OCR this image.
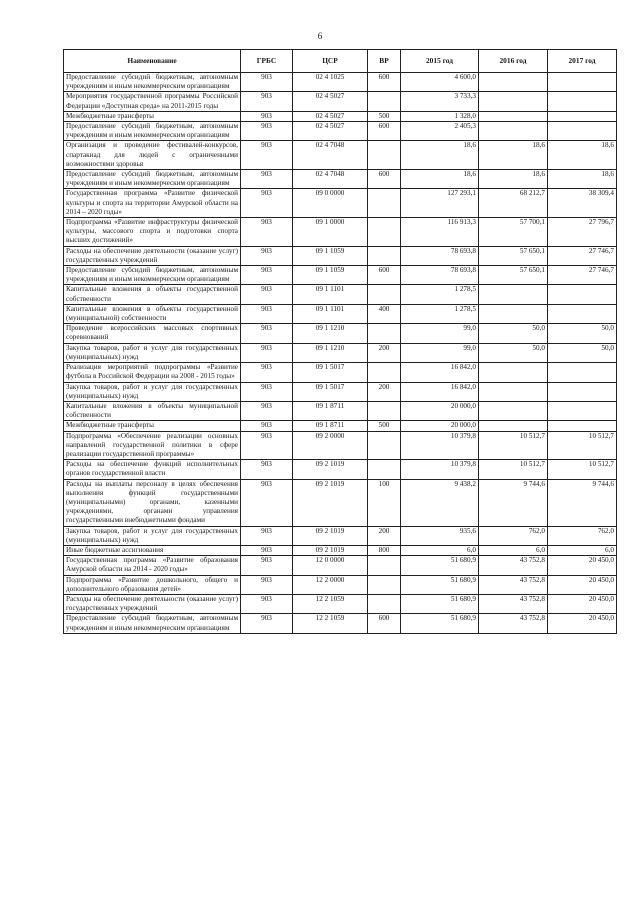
6
Наименование	ГРБС	ЦСР	ВР	2015 год	2016 год	2017 год
Предоставление субсидий бюджетным, автономным учреждениям и иным некоммерческим организациям	903	02 4 1025	600	4 600,0		
Мероприятия государственной программы Российской Федерации «Доступная среда» на 2011-2015 годы	903	02 4 5027		3 733,3		
Межбюджетные трансферты	903	02 4 5027	500	1 328,0		
Предоставление субсидий бюджетным, автономным учреждениям и иным некоммерческим организациям	903	02 4 5027	600	2 405,3		
Организация и проведение фестивалей-конкурсов, спартакиад для людей с ограниченными возможностями здоровья	903	02 4 7048		18,6	18,6	18,6
Предоставление субсидий бюджетным, автономным учреждениям и иным некоммерческим организациям	903	02 4 7048	600	18,6	18,6	18,6
Государственная программа «Развитие физической культуры и спорта на территории Амурской области на 2014 – 2020 годы»	903	09 0 0000		127 293,1	68 212,7	38 309,4
Подпрограмма «Развитие инфраструктуры физической культуры, массового спорта и подготовки спорта высших достижений»	903	09 1 0000		116 913,3	57 700,1	27 796,7
Расходы на обеспечение деятельности (оказание услуг) государственных учреждений	903	09 1 1059		78 693,8	57 650,1	27 746,7
Предоставление субсидий бюджетным, автономным учреждениям и иным некоммерческим организациям	903	09 1 1059	600	78 693,8	57 650,1	27 746,7
Капитальные вложения в объекты государственной собственности	903	09 1 1101		1 278,5		
Капитальные вложения в объекты государственной (муниципальной) собственности	903	09 1 1101	400	1 278,5		
Проведение всероссийских массовых спортивных соревнований	903	09 1 1210		99,0	50,0	50,0
Закупка товаров, работ и услуг для государственных (муниципальных) нужд	903	09 1 1210	200	99,0	50,0	50,0
Реализация мероприятий подпрограммы «Развитие футбола в Российской Федерации на 2008 - 2015 годы»	903	09 1 5017		16 842,0		
Закупка товаров, работ и услуг для государственных (муниципальных) нужд	903	09 1 5017	200	16 842,0		
Капитальные вложения в объекты муниципальной собственности	903	09 1 8711		20 000,0		
Межбюджетные трансферты	903	09 1 8711	500	20 000,0		
Подпрограмма «Обеспечение реализации основных направлений государственной политики в сфере реализации государственной программы»	903	09 2 0000		10 379,8	10 512,7	10 512,7
Расходы на обеспечение функций исполнительных органов государственной власти	903	09 2 1019		10 379,8	10 512,7	10 512,7
Расходы на выплаты персоналу в целях обеспечения выполнения функций государственными (муниципальными) органами, казенными учреждениями, органами управления государственными внебюджетными фондами	903	09 2 1019	100	9 438,2	9 744,6	9 744,6
Закупка товаров, работ и услуг для государственных (муниципальных) нужд	903	09 2 1019	200	935,6	762,0	762,0
Иные бюджетные ассигнования	903	09 2 1019	800	6,0	6,0	6,0
Государственная программа «Развитие образования Амурской области на 2014 - 2020 годы»	903	12 0 0000		51 680,9	43 752,8	20 450,0
Подпрограмма «Развитие дошкольного, общего и дополнительного образования детей»	903	12 2 0000		51 680,9	43 752,8	20 450,0
Расходы на обеспечение деятельности (оказание услуг) государственных учреждений	903	12 2 1059		51 680,9	43 752,8	20 450,0
Предоставление субсидий бюджетным, автономным учреждениям и иным некоммерческим организациям	903	12 2 1059	600	51 680,9	43 752,8	20 450,0
